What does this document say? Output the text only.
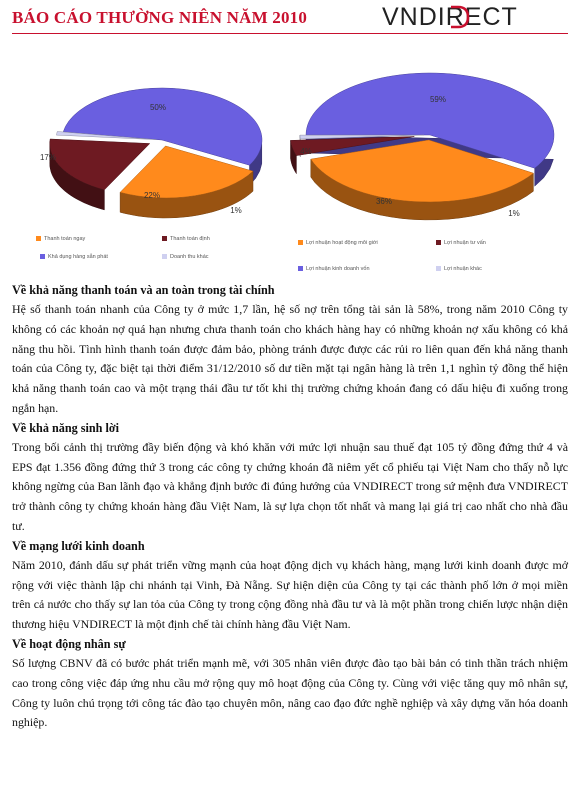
BÁO CÁO THƯỜNG NIÊN NĂM 2010	VNDIRECT
50%
22%
17%
1%
Khả dụng hàng sẵn phát
Thanh toán ngay	Thanh toán định
Doanh thu khác
59%
36%
4%
1%
Lợi nhuận kinh doanh vốn
Lợi nhuận hoạt động môi giới	Lợi nhuận tư vấn
Lợi nhuận khác

Về khả năng thanh toán và an toàn trong tài chính

Hệ số thanh toán nhanh của Công ty ở mức 1,7 lần, hệ số nợ trên tổng tài sản là 58%, trong năm 2010 Công ty không có các khoản nợ quá hạn nhưng chưa thanh toán cho khách hàng hay có những khoản nợ xấu không có khả năng thu hồi. Tình hình thanh toán được đảm bảo, phòng tránh được được các rủi ro liên quan đến khả năng thanh toán của Công ty, đặc biệt tại thời điểm 31/12/2010 số dư tiền mặt tại ngân hàng là trên 1,1 nghìn tỷ đồng thể hiện khả năng thanh toán cao và một trạng thái đầu tư tốt khi thị trường chứng khoán đang có dấu hiệu đi xuống trong ngắn hạn.

Về khả năng sinh lời

Trong bối cảnh thị trường đầy biến động và khó khăn với mức lợi nhuận sau thuế đạt 105 tỷ đồng đứng thứ 4 và EPS đạt 1.356 đồng đứng thứ 3 trong các công ty chứng khoán đã niêm yết cổ phiếu tại Việt Nam cho thấy nỗ lực không ngừng của Ban lãnh đạo và khẳng định bước đi đúng hướng của VNDIRECT trong sứ mệnh đưa VNDIRECT trở thành công ty chứng khoán hàng đầu Việt Nam, là sự lựa chọn tốt nhất và mang lại giá trị cao nhất cho nhà đầu tư.

Về mạng lưới kinh doanh

Năm 2010, đánh dấu sự phát triển vững mạnh của hoạt động dịch vụ khách hàng, mạng lưới kinh doanh được mở rộng với việc thành lập chi nhánh tại Vinh, Đà Nẵng. Sự hiện diện của Công ty tại các thành phố lớn ở mọi miền trên cả nước cho thấy sự lan tỏa của Công ty trong cộng đồng nhà đầu tư và là một phần trong chiến lược nhận diện thương hiệu VNDIRECT là một định chế tài chính hàng đầu Việt Nam.

Về hoạt động nhân sự

Số lượng CBNV đã có bước phát triển mạnh mẽ, với 305 nhân viên được đào tạo bài bản có tinh thần trách nhiệm cao trong công việc đáp ứng nhu cầu mở rộng quy mô hoạt động của Công ty. Cùng với việc tăng quy mô nhân sự, Công ty luôn chú trọng tới công tác đào tạo chuyên môn, nâng cao đạo đức nghề nghiệp và xây dựng văn hóa doanh nghiệp.
